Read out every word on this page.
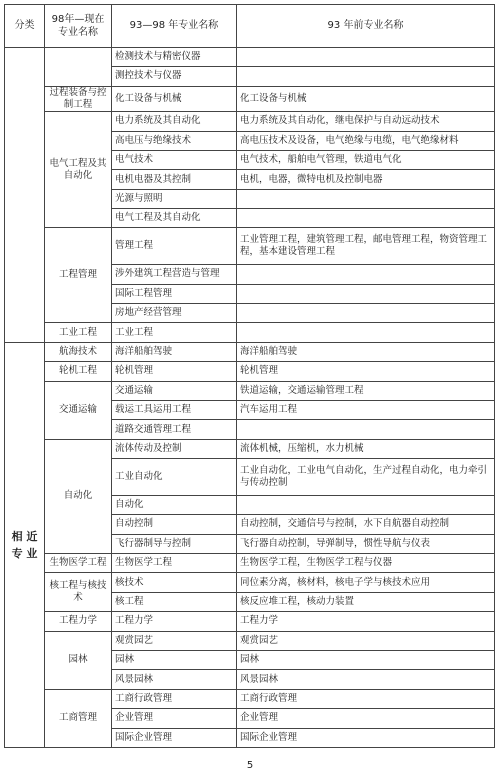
分类	98年—现在专业名称	93—98 年专业名称	93 年前专业名称
		检测技术与精密仪器	
		测控技术与仪器	
	过程装备与控制工程	化工设备与机械	化工设备与机械
	电气工程及其自动化	电力系统及其自动化	电力系统及其自动化，继电保护与自动远动技术
		高电压与绝缘技术	高电压技术及设备，电气绝缘与电缆，电气绝缘材料
		电气技术	电气技术，船舶电气管理，铁道电气化
		电机电器及其控制	电机，电器，微特电机及控制电器
		光源与照明	
		电气工程及其自动化	
	工程管理	管理工程	工业管理工程，建筑管理工程，邮电管理工程，物资管理工程，基本建设管理工程
		涉外建筑工程营造与管理	
		国际工程管理	
		房地产经营管理	
	工业工程	工业工程	
相 近
专 业	航海技术	海洋船舶驾驶	海洋船舶驾驶
	轮机工程	轮机管理	轮机管理
	交通运输	交通运输	铁道运输，交通运输管理工程
		载运工具运用工程	汽车运用工程
		道路交通管理工程	
	自动化	流体传动及控制	流体机械，压缩机，水力机械
		工业自动化	工业自动化，工业电气自动化，生产过程自动化，电力牵引与传动控制
		自动化	
		自动控制	自动控制，交通信号与控制，水下自航器自动控制
		飞行器制导与控制	飞行器自动控制，导弹制导，惯性导航与仪表
	生物医学工程	生物医学工程	生物医学工程，生物医学工程与仪器
	核工程与核技术	核技术	同位素分离，核材料，核电子学与核技术应用
		核工程	核反应堆工程，核动力装置
	工程力学	工程力学	工程力学
	园林	观赏园艺	观赏园艺
		园林	园林
		风景园林	风景园林
	工商管理	工商行政管理	工商行政管理
		企业管理	企业管理
		国际企业管理	国际企业管理
5
